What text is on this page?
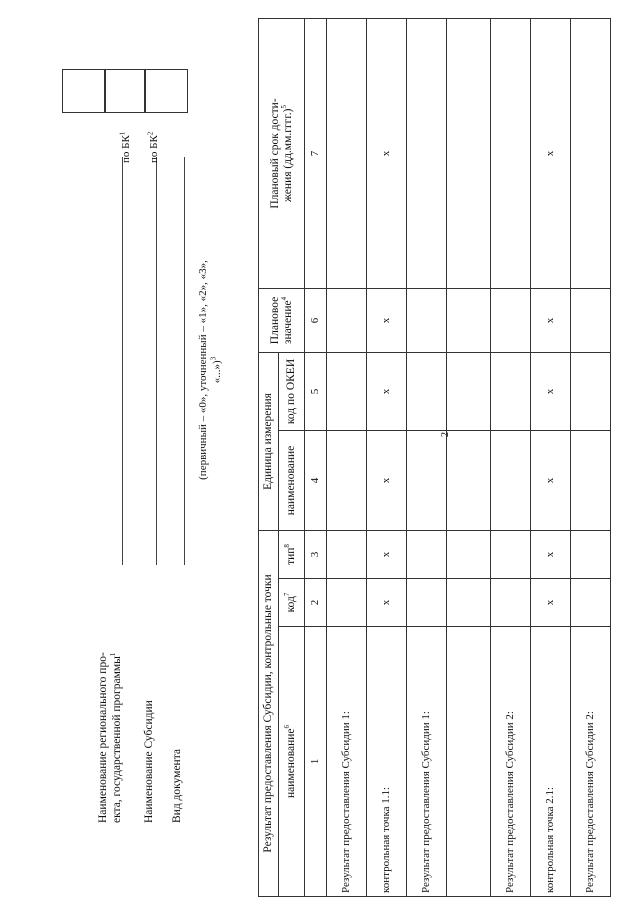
2
Наименование регионального про- екта, государственной программы$^1$
Наименование Субсидии Вид документа
(первичный – «0», уточненный – «1», «2», «3», «...»)$^3$
по $БК^1$
по $БК^2$
Результат предоставления Субсидии, контрольные точки			Единица измерения		Плановое значение$^4$	Плановый срок дости- жения (дд.мм.гггг.)$^5$

наименование$^6$	код$^7$	тип$^8$	наименование	код по ОКЕИ		
1	2	3	4	5	6	7
Результат предоставления Субсидии 1:						
контрольная точка 1.1:	x	x	x	x	x	x
Результат предоставления Субсидии 1:						

Результат предоставления Субсидии 2:						
контрольная точка 2.1:	x	x	x	x	x	x
Результат предоставления Субсидии 2:						
